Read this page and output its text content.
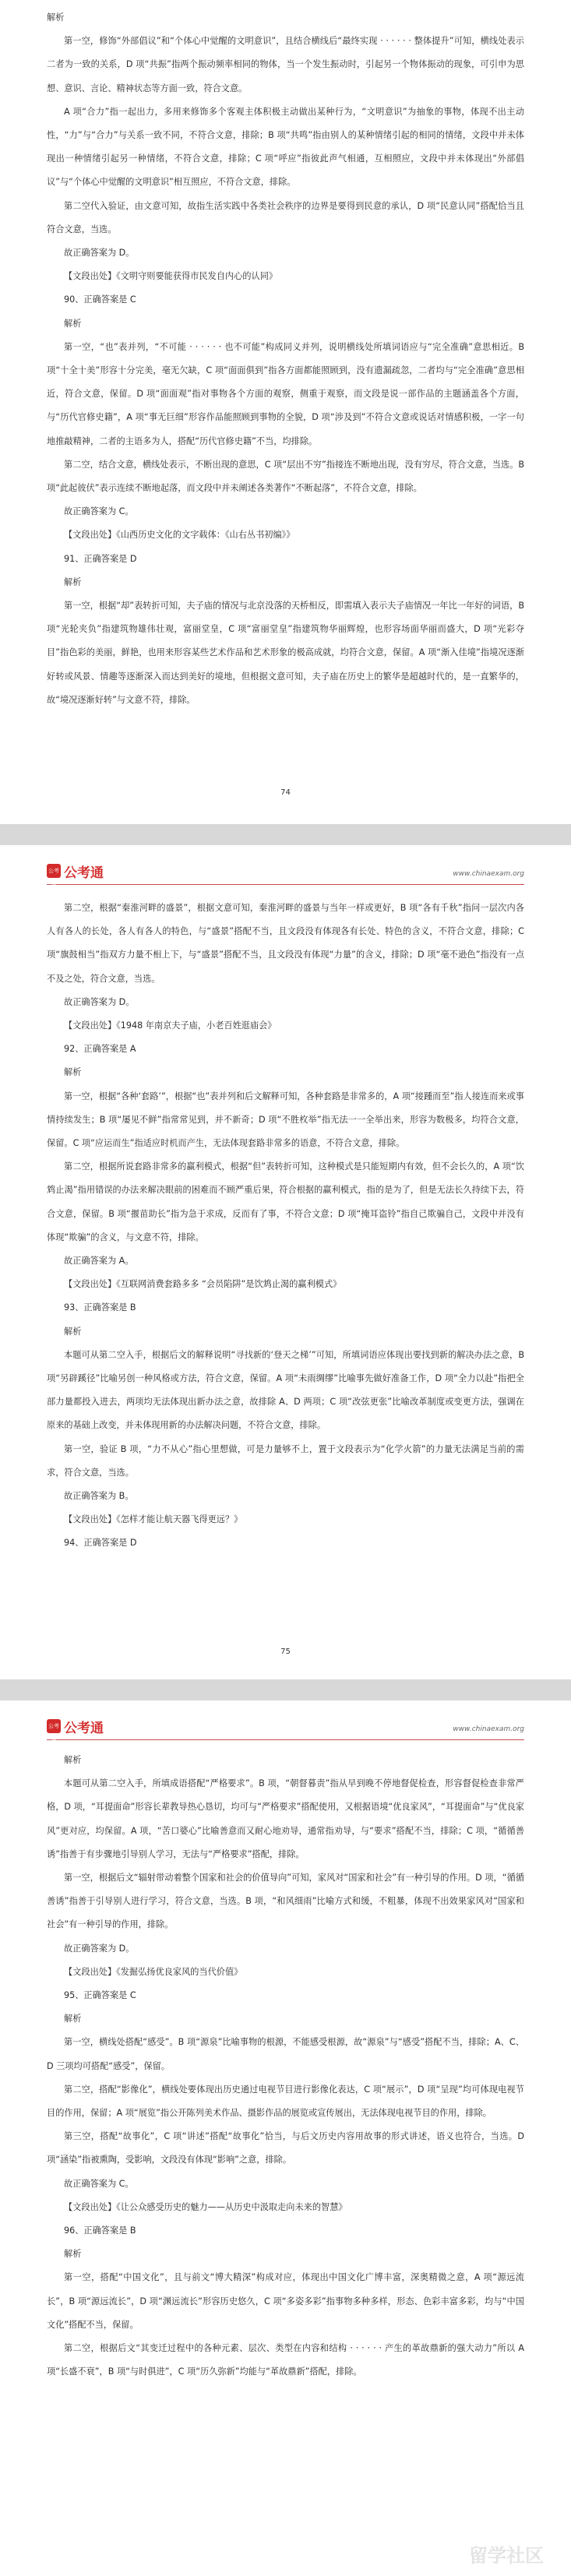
解析

第一空，修饰“外部倡议”和“个体心中觉醒的文明意识”，且结合横线后“最终实现 · · · · · · 整体提升”可知，横线处表示二者为一致的关系，D 项“共振”指两个振动频率相同的物体，当一个发生振动时，引起另一个物体振动的现象，可引申为思想、意识、言论、精神状态等方面一致，符合文意。

A 项“合力”指一起出力，多用来修饰多个客观主体积极主动做出某种行为，“文明意识”为抽象的事物，体现不出主动性，“力”与“合力”与关系一致不同，不符合文意，排除；B 项“共鸣”指由别人的某种情绪引起的相同的情绪，文段中并未体现出一种情绪引起另一种情绪，不符合文意，排除；C 项“呼应”指彼此声气相通，互相照应，文段中并未体现出“外部倡议”与“个体心中觉醒的文明意识”相互照应，不符合文意，排除。

第二空代入验证，由文意可知，故指生活实践中各类社会秩序的边界是要得到民意的承认，D 项“民意认同”搭配恰当且符合文意，当选。

故正确答案为 D。

【文段出处】《文明守则要能获得市民发自内心的认同》

90、正确答案是 C

解析

第一空，“也”表并列，“不可能 · · · · · · 也不可能”构成同义并列，说明横线处所填词语应与“完全准确”意思相近。B 项“十全十美”形容十分完美，毫无欠缺，C 项“面面俱到”指各方面都能照顾到，没有遗漏疏忽，二者均与“完全准确”意思相近，符合文意，保留。D 项“面面观”指对事物各个方面的观察，侧重于观察，而文段是说一部作品的主题涵盖各个方面，与“历代官修史籍”，A 项“事无巨细”形容作品能照顾到事物的全貌，D 项“涉及到”不符合文意或说话对情感积极，一字一句地推敲精神，二者的主语多为人，搭配“历代官修史籍”不当，均排除。

第二空，结合文意，横线处表示，不断出现的意思，C 项“层出不穷”指接连不断地出现，没有穷尽，符合文意，当选。B 项“此起彼伏”表示连续不断地起落，而文段中并未阐述各类著作“不断起落”，不符合文意，排除。

故正确答案为 C。

【文段出处】《山西历史文化的文字载体：《山右丛书初编》》

91、正确答案是 D

解析

第一空，根据“却”表转折可知，夫子庙的情况与北京没落的天桥相反，即需填入表示夫子庙情况一年比一年好的词语，B 项“光轮夹负”指建筑物雄伟壮观，富丽堂皇，C 项“富丽堂皇”指建筑物华丽辉煌，也形容场面华丽而盛大，D 项“光彩夺目”指色彩的美丽，鲜艳，也用来形容某些艺术作品和艺术形象的极高成就，均符合文意，保留。A 项“渐入佳境”指境况逐渐好转或风景、情趣等逐渐深入而达到美好的境地，但根据文意可知，夫子庙在历史上的繁华是超越时代的，是一直繁华的，故“境况逐渐好转”与文意不符，排除。

74
公考通
公考通	www.chinaexam.org

第二空，根据“秦淮河畔的盛景”，根据文意可知，秦淮河畔的盛景与当年一样或更好，B 项“各有千秋”指问一层次内各人有各人的长处，各人有各人的特色，与“盛景”搭配不当，且文段没有体现各有长处、特色的含义，不符合文意，排除；C 项“旗鼓相当”指双方力量不相上下，与“盛景”搭配不当，且文段没有体现“力量”的含义，排除；D 项“毫不逊色”指没有一点不及之处，符合文意，当选。

故正确答案为 D。

【文段出处】《1948 年南京夫子庙，小老百姓逛庙会》

92、正确答案是 A

解析

第一空，根据“各种‘套路’”，根据“也”表并列和后文解释可知，各种套路是非常多的，A 项“接踵而至”指人接连而来或事情持续发生；B 项“屡见不鲜”指常常见到，并不新奇；D 项“不胜枚举”指无法一一全举出来，形容为数极多，均符合文意，保留。C 项“应运而生”指适应时机而产生，无法体现套路非常多的语意，不符合文意，排除。

第二空，根据所说套路非常多的赢利模式，根据“但”表转折可知，这种模式是只能短期内有效，但不会长久的，A 项“饮鸩止渴”指用错误的办法来解决眼前的困难而不顾严重后果，符合根据的赢利模式，指的是为了，但是无法长久持续下去，符合文意，保留。B 项“揠苗助长”指为急于求成，反而有了事，不符合文意；D 项“掩耳盗铃”指自己欺骗自己，文段中并没有体现“欺骗”的含义，与文意不符，排除。

故正确答案为 A。

【文段出处】《互联网消费套路多多 “会员陷阱”是饮鸩止渴的赢利模式》

93、正确答案是 B

解析

本题可从第二空入手，根据后文的解释说明“寻找新的‘登天之梯’”可知，所填词语应体现出要找到新的解决办法之意，B 项“另辟蹊径”比喻另创一种风格或方法，符合文意，保留。A 项“未雨绸缪”比喻事先做好准备工作，D 项“全力以赴”指把全部力量都投入进去，两项均无法体现出新办法之意，故排除 A、D 两项；C 项“改弦更张”比喻改革制度或变更方法，强调在原来的基础上改变，并未体现用新的办法解决问题，不符合文意，排除。

第一空，验证 B 项，“力不从心”指心里想做，可是力量够不上，置于文段表示为“化学火箭”的力量无法满足当前的需求，符合文意，当选。

故正确答案为 B。

【文段出处】《怎样才能让航天器飞得更远？》

94、正确答案是 D

75
公考通
公考通	www.chinaexam.org

解析

本题可从第二空入手，所填成语搭配“严格要求”。B 项，“朝督暮责”指从早到晚不停地督促检查，形容督促检查非常严格，D 项，“耳提面命”形容长辈教导热心恳切，均可与“严格要求”搭配使用，又根据语境“优良家风”，“耳提面命”与“优良家风”更对应，均保留。A 项，“苦口婆心”比喻善意而又耐心地劝导，通常指劝导，与“要求”搭配不当，排除；C 项，“循循善诱”指善于有步骤地引导别人学习，无法与“严格要求”搭配，排除。

第一空，根据后文“辐射带动着整个国家和社会的价值导向”可知，家风对“国家和社会”有一种引导的作用。D 项，“循循善诱”指善于引导别人进行学习，符合文意，当选。B 项，“和风细雨”比喻方式和缓，不粗暴，体现不出效果家风对“国家和社会”有一种引导的作用，排除。

故正确答案为 D。

【文段出处】《发掘弘扬优良家风的当代价值》

95、正确答案是 C

解析

第一空，横线处搭配“感受”。B 项“源泉”比喻事物的根源，不能感受根源，故“源泉”与“感受”搭配不当，排除；A、C、D 三项均可搭配“感受”，保留。

第二空，搭配“影像化”，横线处要体现出历史通过电视节目进行影像化表达，C 项“展示”，D 项“呈现”均可体现电视节目的作用，保留；A 项“展览”指公开陈列美术作品、摄影作品的展览或宣传展出，无法体现电视节目的作用，排除。

第三空，搭配“故事化”，C 项“讲述”搭配“故事化”恰当，与后文历史内容用故事的形式讲述，语义也符合，当选。D 项“涵染”指被熏陶，受影响，文段没有体现“影响”之意，排除。

故正确答案为 C。

【文段出处】《让公众感受历史的魅力——从历史中汲取走向未来的智慧》

96、正确答案是 B

解析

第一空，搭配“中国文化”，且与前文“博大精深”构成对应，体现出中国文化广博丰富，深奥精微之意，A 项“源远流长”，B 项“源远流长”，D 项“渊远流长”形容历史悠久，C 项“多姿多彩”指事物多种多样，形态、色彩丰富多彩，均与“中国文化”搭配不当，保留。

第二空，根据后文“其变迁过程中的各种元素、层次、类型在内容和结构 · · · · · · 产生的革故鼎新的强大动力”所以 A 项“长盛不衰”，B 项“与时俱进”，C 项“历久弥新”均能与“革故鼎新”搭配，排除。

留学社区
